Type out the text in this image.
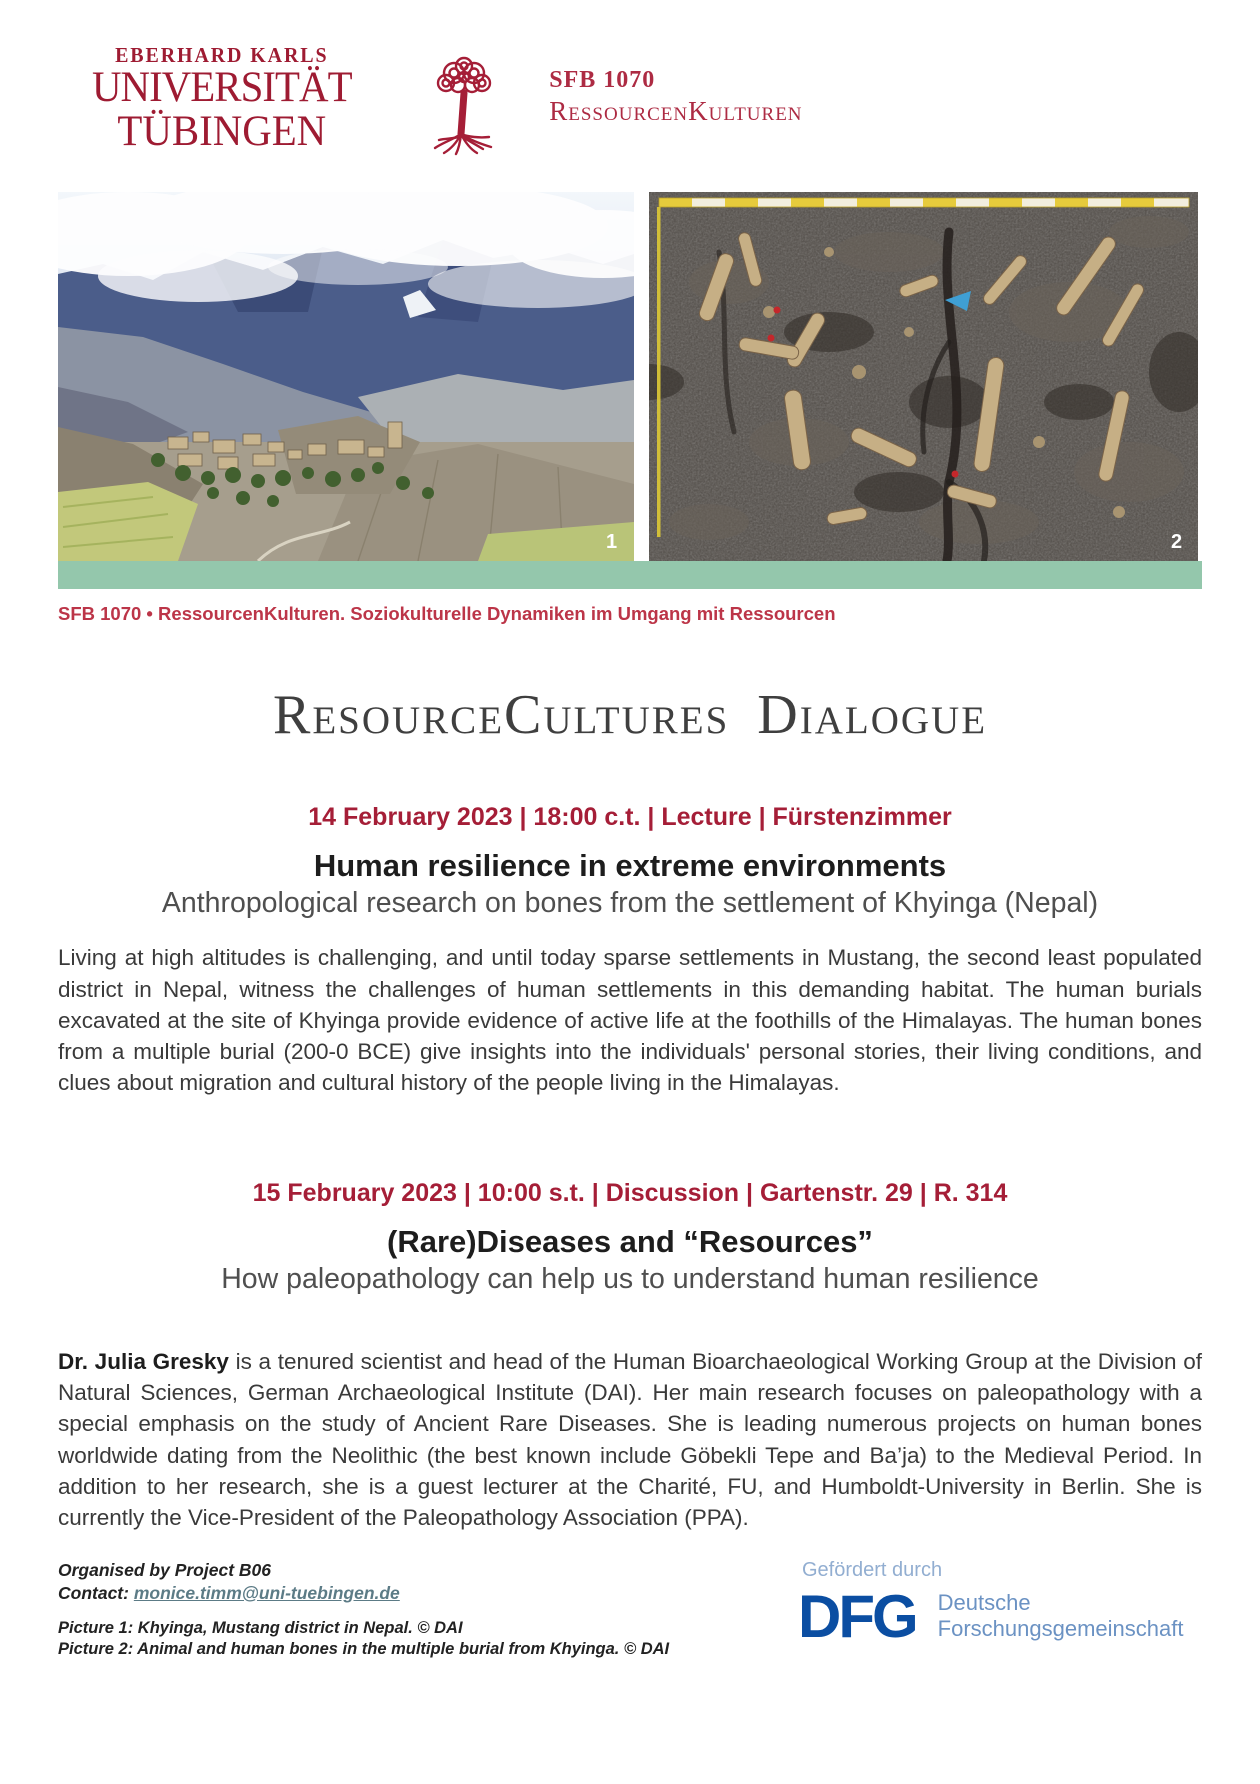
EBERHARD KARLS
UNIVERSITÄT
TÜBINGEN
SFB 1070
RessourcenKulturen
1	2
SFB 1070 • RessourcenKulturen. Soziokulturelle Dynamiken im Umgang mit Ressourcen
ResourceCultures Dialogue
14 February 2023 | 18:00 c.t. | Lecture | Fürstenzimmer
Human resilience in extreme environments
Anthropological research on bones from the settlement of Khyinga (Nepal)
Living at high altitudes is challenging, and until today sparse settlements in Mustang, the second least populated district in Nepal, witness the challenges of human settlements in this demanding habitat. The human burials excavated at the site of Khyinga provide evidence of active life at the foothills of the Himalayas. The human bones from a multiple burial (200-0 BCE) give insights into the individuals' personal stories, their living conditions, and clues about migration and cultural history of the people living in the Himalayas.
15 February 2023 | 10:00 s.t. | Discussion | Gartenstr. 29 | R. 314
(Rare)Diseases and “Resources”
How paleopathology can help us to understand human resilience
Dr. Julia Gresky is a tenured scientist and head of the Human Bioarchaeological Working Group at the Division of Natural Sciences, German Archaeological Institute (DAI). Her main research focuses on paleopathology with a special emphasis on the study of Ancient Rare Diseases. She is leading numerous projects on human bones worldwide dating from the Neolithic (the best known include Göbekli Tepe and Ba’ja) to the Medieval Period. In addition to her research, she is a guest lecturer at the Charité, FU, and Humboldt-University in Berlin. She is currently the Vice-President of the Paleopathology Association (PPA).
Organised by Project B06
Contact: monice.timm@uni-tuebingen.de
Picture 1: Khyinga, Mustang district in Nepal. © DAI
Picture 2: Animal and human bones in the multiple burial from Khyinga. © DAI
Gefördert durch
DFG Deutsche
Forschungsgemeinschaft
